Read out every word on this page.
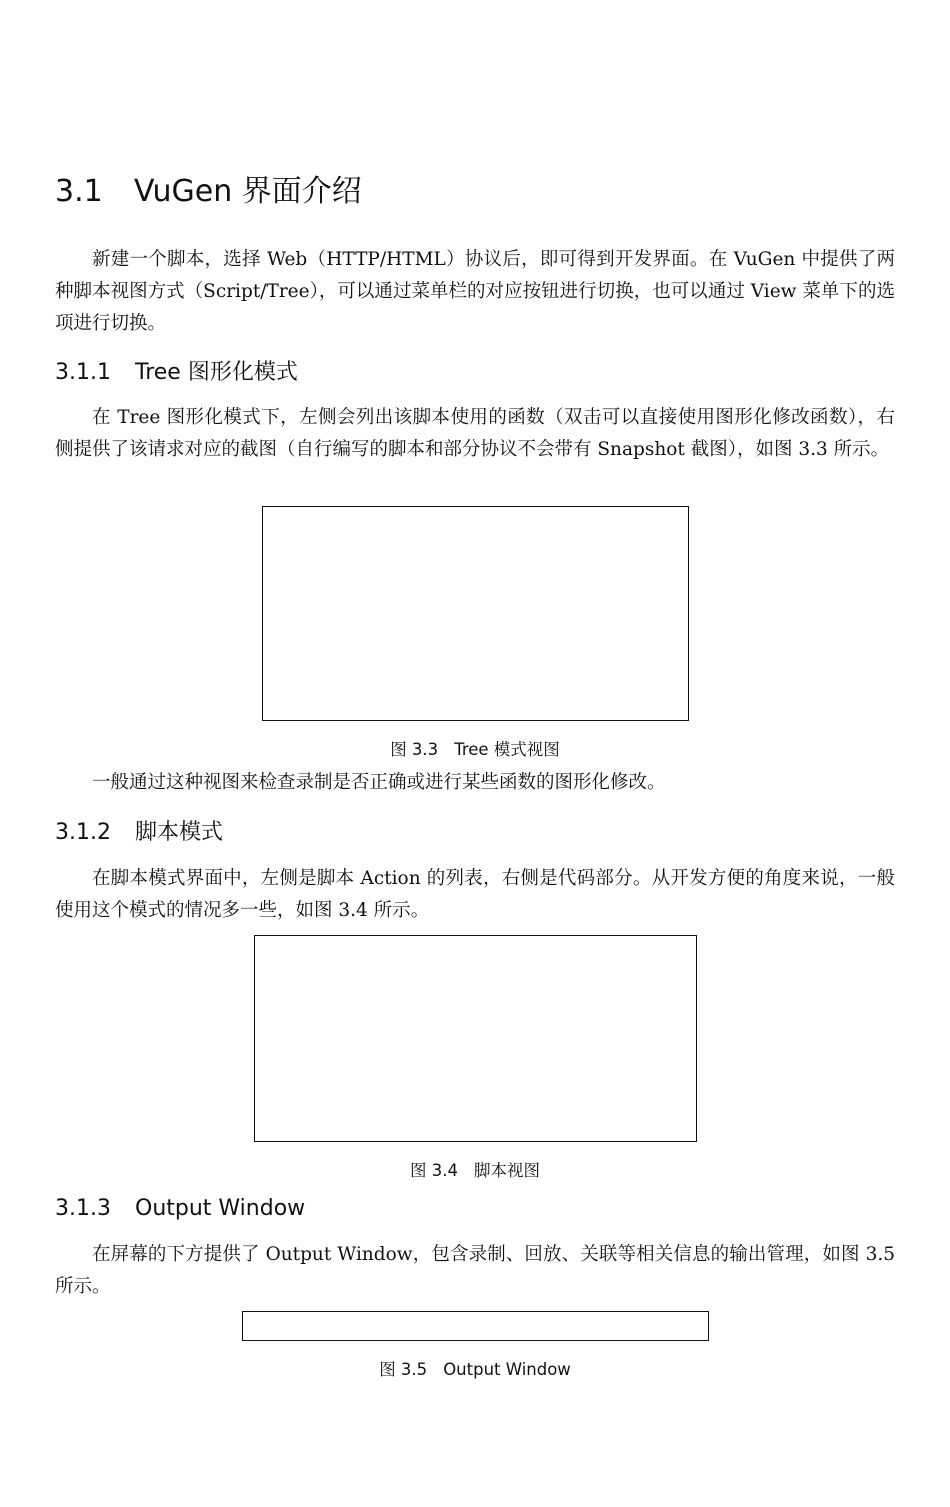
3.1 VuGen 界面介绍
新建一个脚本，选择 Web（HTTP/HTML）协议后，即可得到开发界面。在 VuGen 中提供了两种脚本视图方式（Script/Tree），可以通过菜单栏的对应按钮进行切换，也可以通过 View 菜单下的选项进行切换。
3.1.1 Tree 图形化模式
在 Tree 图形化模式下，左侧会列出该脚本使用的函数（双击可以直接使用图形化修改函数），右侧提供了该请求对应的截图（自行编写的脚本和部分协议不会带有 Snapshot 截图），如图 3.3 所示。
图 3.3 Tree 模式视图
一般通过这种视图来检查录制是否正确或进行某些函数的图形化修改。
3.1.2 脚本模式
在脚本模式界面中，左侧是脚本 Action 的列表，右侧是代码部分。从开发方便的角度来说，一般使用这个模式的情况多一些，如图 3.4 所示。
图 3.4 脚本视图
3.1.3 Output Window
在屏幕的下方提供了 Output Window，包含录制、回放、关联等相关信息的输出管理，如图 3.5 所示。
图 3.5 Output Window
